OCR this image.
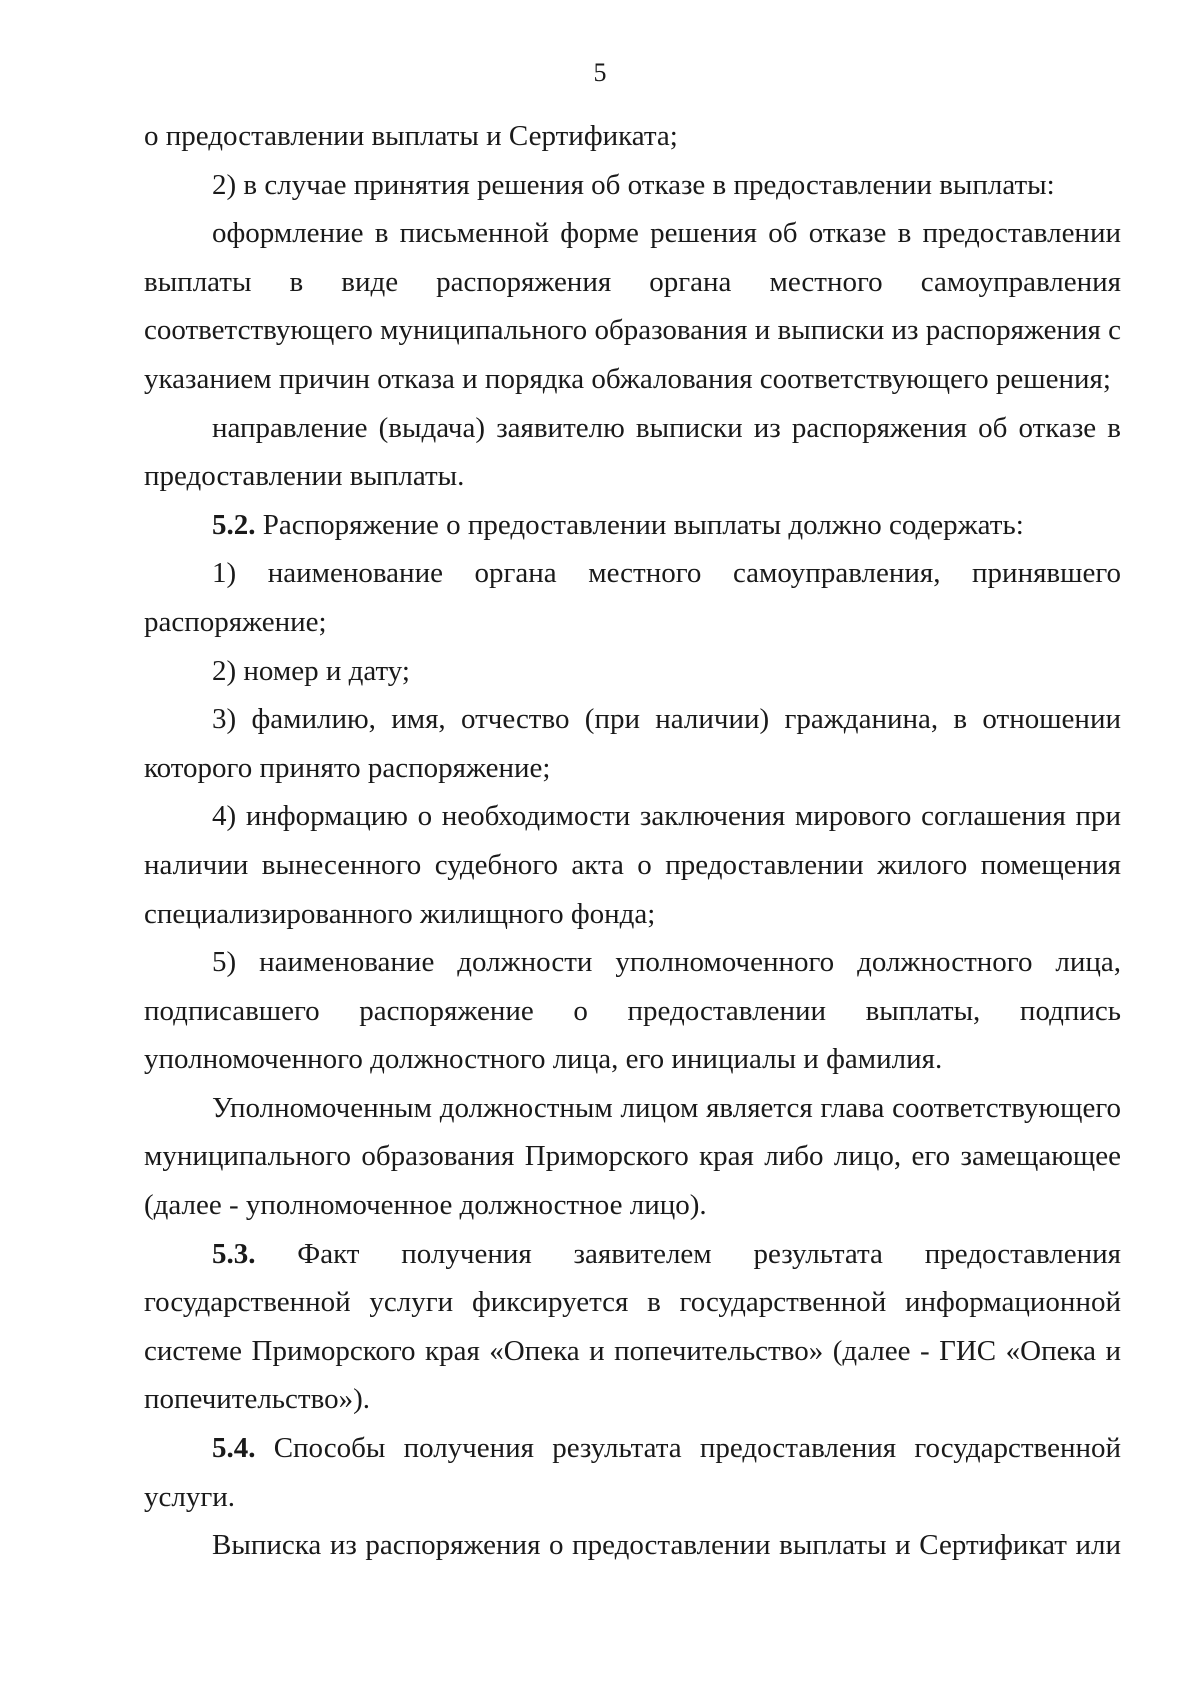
5

о предоставлении выплаты и Сертификата;

2) в случае принятия решения об отказе в предоставлении выплаты:

оформление в письменной форме решения об отказе в предоставлении выплаты в виде распоряжения органа местного самоуправления соответствующего муниципального образования и выписки из распоряжения с указанием причин отказа и порядка обжалования соответствующего решения;

направление (выдача) заявителю выписки из распоряжения об отказе в предоставлении выплаты.

5.2. Распоряжение о предоставлении выплаты должно содержать:

1) наименование органа местного самоуправления, принявшего распоряжение;

2) номер и дату;

3) фамилию, имя, отчество (при наличии) гражданина, в отношении которого принято распоряжение;

4) информацию о необходимости заключения мирового соглашения при наличии вынесенного судебного акта о предоставлении жилого помещения специализированного жилищного фонда;

5) наименование должности уполномоченного должностного лица, подписавшего распоряжение о предоставлении выплаты, подпись уполномоченного должностного лица, его инициалы и фамилия.

Уполномоченным должностным лицом является глава соответствующего муниципального образования Приморского края либо лицо, его замещающее (далее - уполномоченное должностное лицо).

5.3. Факт получения заявителем результата предоставления государственной услуги фиксируется в государственной информационной системе Приморского края «Опека и попечительство» (далее - ГИС «Опека и попечительство»).

5.4. Способы получения результата предоставления государственной услуги.

Выписка из распоряжения о предоставлении выплаты и Сертификат или
